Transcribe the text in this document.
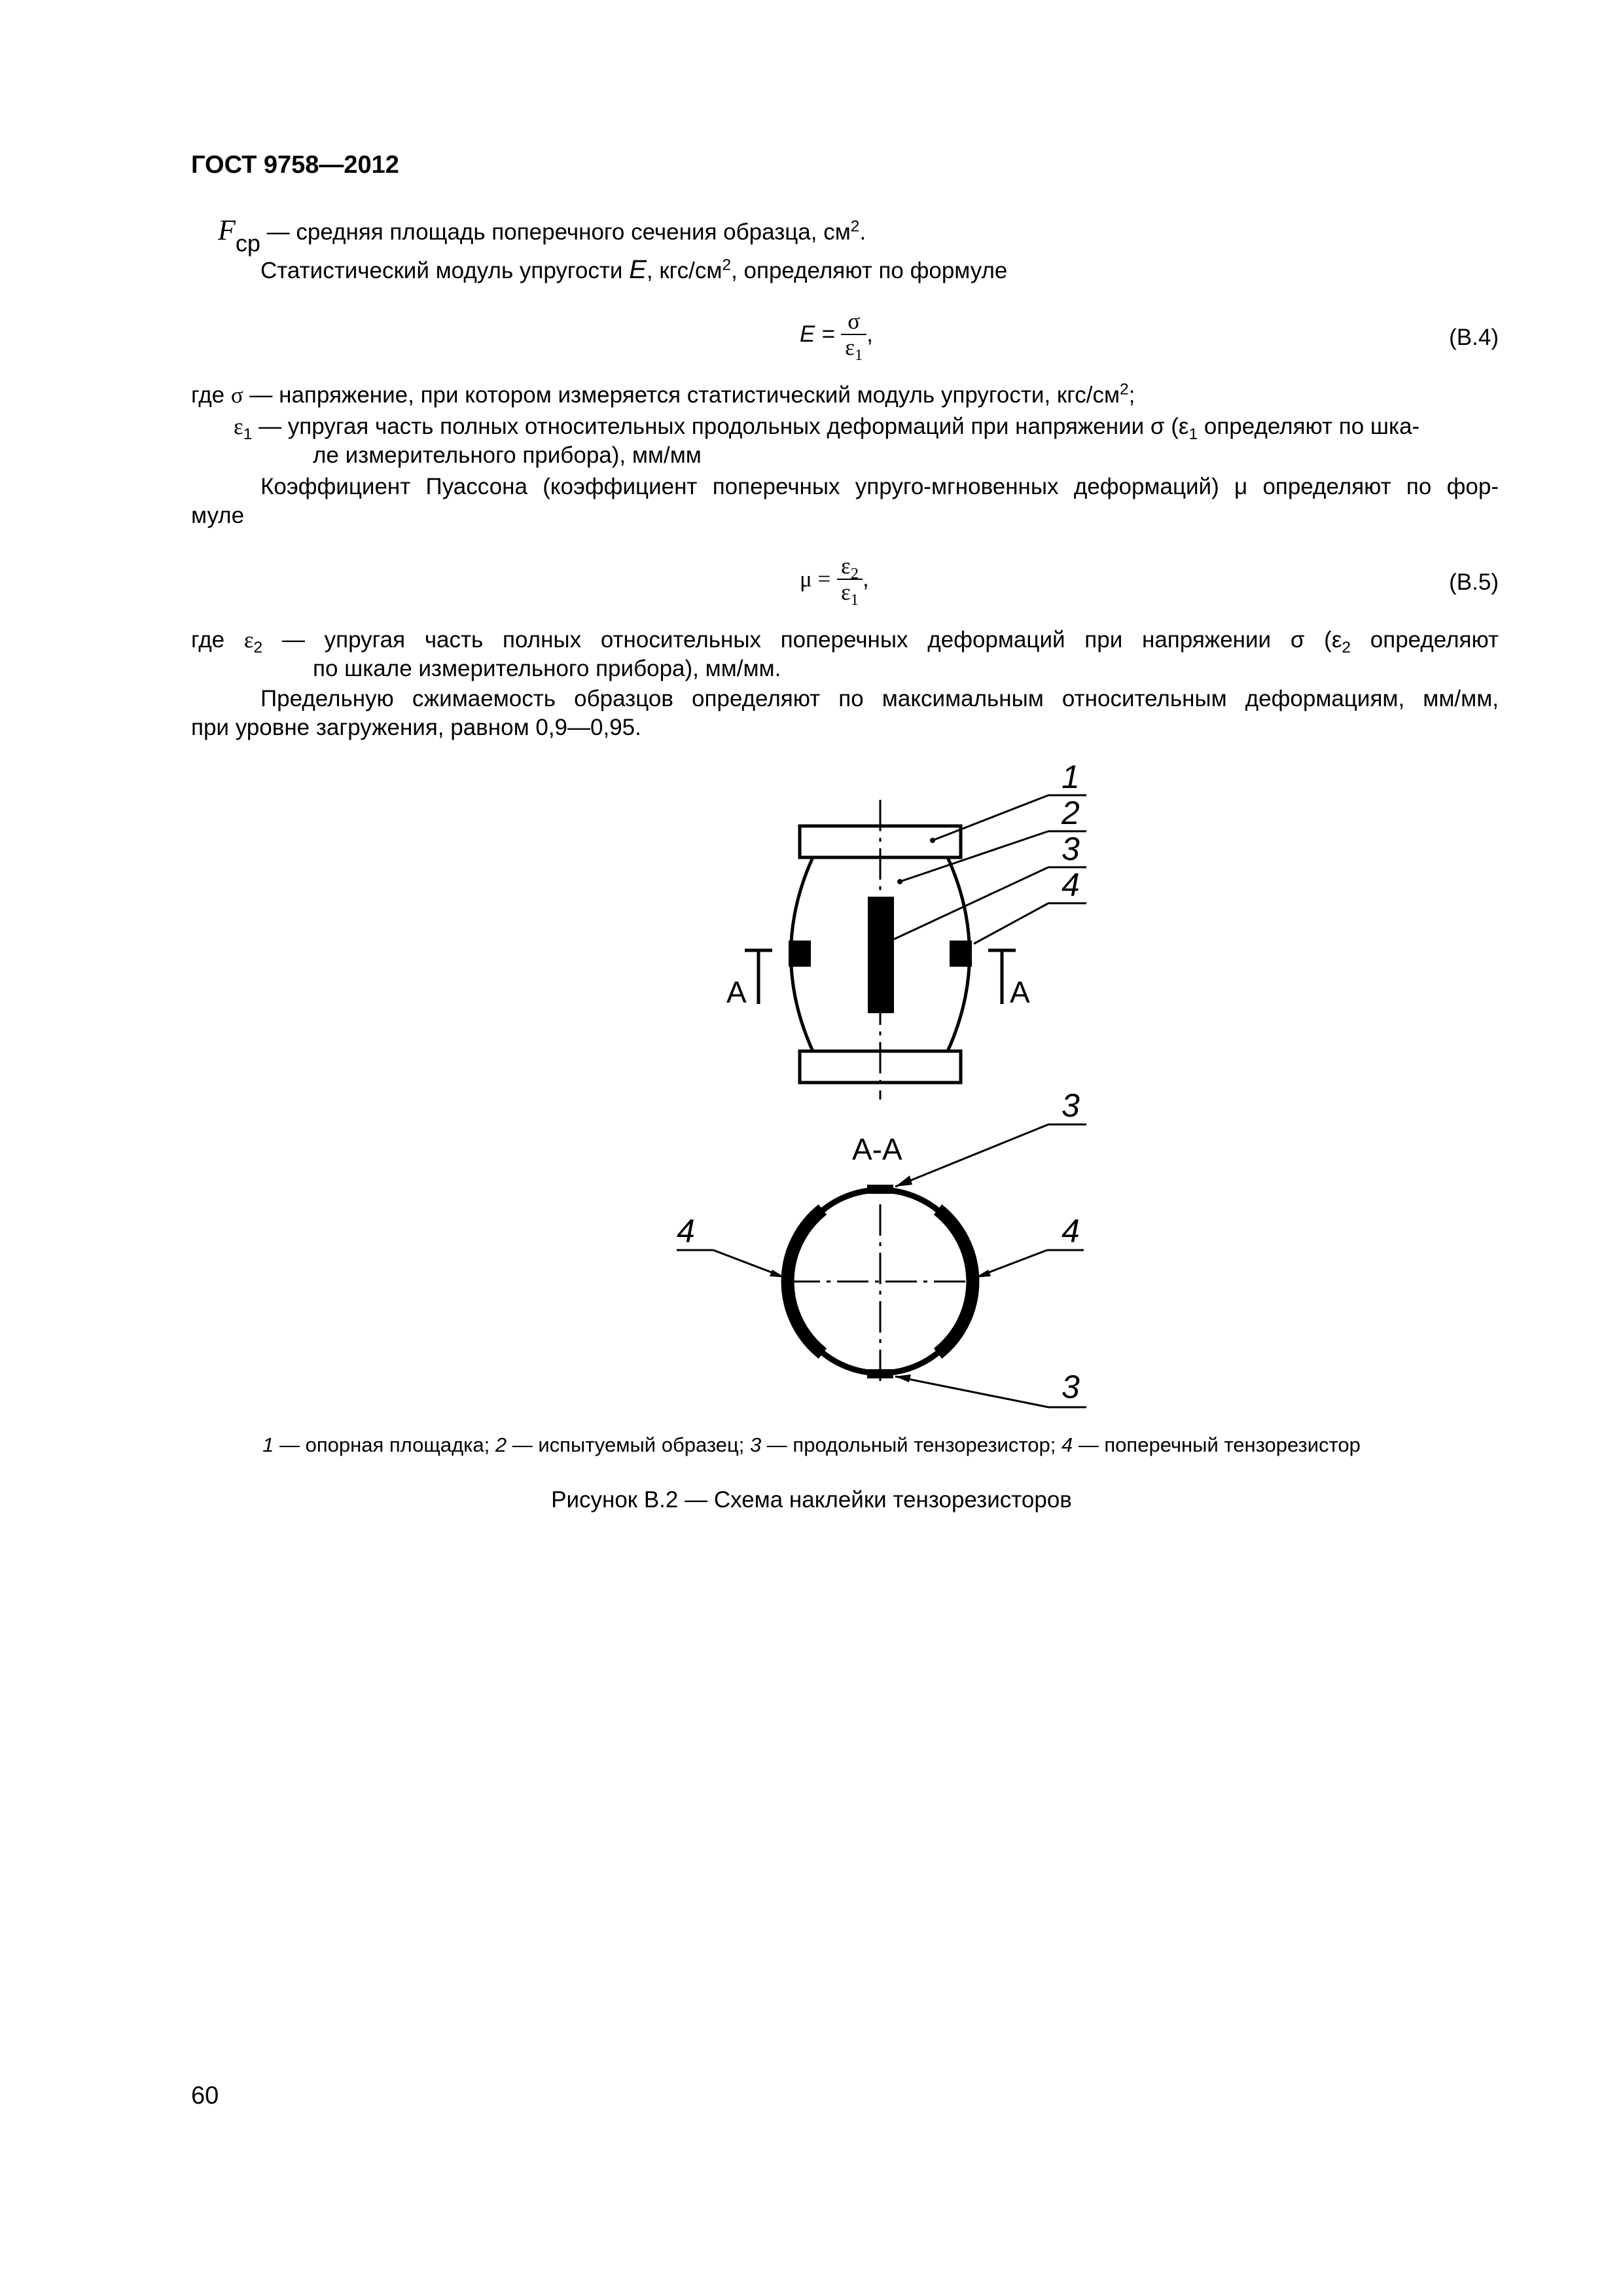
ГОСТ 9758—2012
$F_{ср}$ — средняя площадь поперечного сечения образца, $см^2$.
Статистический модуль упругости E, кгс/$см^2$, определяют по формуле
$E = \frac{\sigma}{\varepsilon_1}$ ,	(В.4)
где σ — напряжение, при котором измеряется статистический модуль упругости, кгс/$см^2$;
$\varepsilon_1$ — упругая часть полных относительных продольных деформаций при напряжении σ ($\varepsilon_1$ определяют по шка-
ле измерительного прибора), мм/мм
Коэффициент Пуассона (коэффициент поперечных упруго-мгновенных деформаций) μ определяют по фор-
муле
$\mu = \frac{\varepsilon_2}{\varepsilon_1}$ ,	(В.5)
где $\varepsilon_2$ — упругая часть полных относительных поперечных деформаций при напряжении σ ($\varepsilon_2$ определяют
по шкале измерительного прибора), мм/мм.
Предельную сжимаемость образцов определяют по максимальным относительным деформациям, мм/мм,
при уровне загружения, равном 0,9—0,95.
1
2
3
4
A	A
А-А
3
4	4
3
1 — опорная площадка; 2 — испытуемый образец; 3 — продольный тензорезистор; 4 — поперечный тензорезистор
Рисунок В.2 — Схема наклейки тензорезисторов
60
